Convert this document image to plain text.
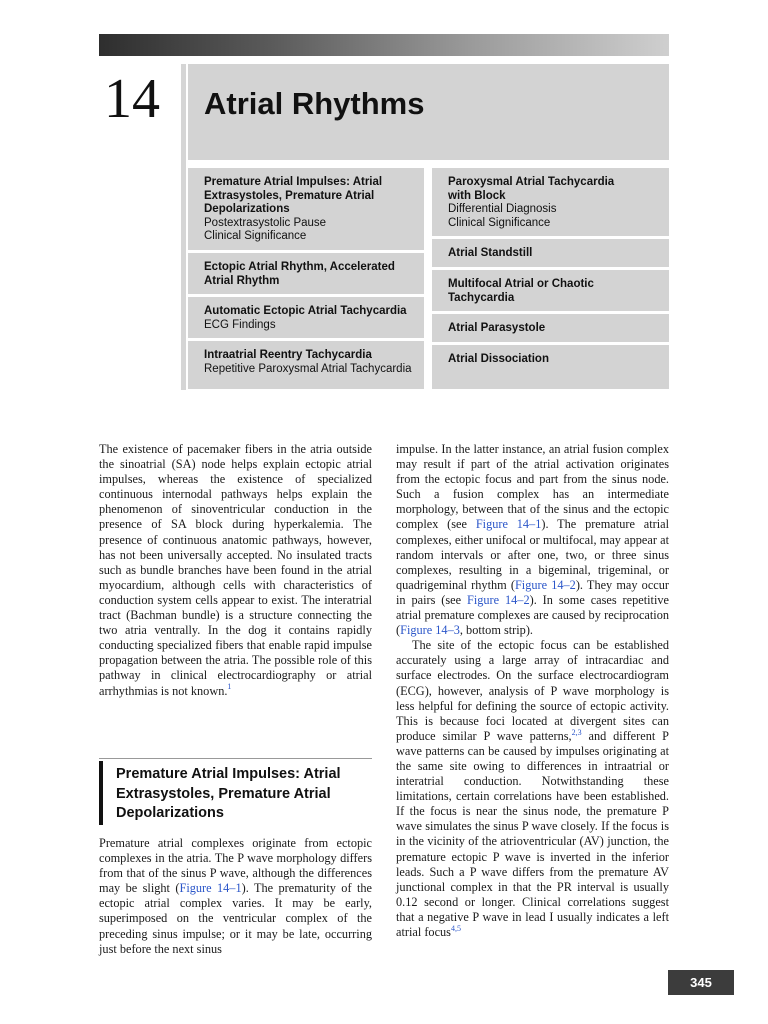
14	Atrial Rhythms
Premature Atrial Impulses: Atrial
Extrasystoles, Premature Atrial
Depolarizations
Postextrasystolic Pause
Clinical Significance
Ectopic Atrial Rhythm, Accelerated
Atrial Rhythm
Automatic Ectopic Atrial Tachycardia
ECG Findings
Intraatrial Reentry Tachycardia
Repetitive Paroxysmal Atrial Tachycardia
Paroxysmal Atrial Tachycardia
with Block
Differential Diagnosis
Clinical Significance
Atrial Standstill
Multifocal Atrial or Chaotic
Tachycardia
Atrial Parasystole
Atrial Dissociation

The existence of pacemaker fibers in the atria outside the sinoatrial (SA) node helps explain ectopic atrial impulses, whereas the existence of specialized continuous internodal pathways helps explain the phenomenon of sinoventricular conduction in the presence of SA block during hyperkalemia. The presence of continuous anatomic pathways, however, has not been universally accepted. No insulated tracts such as bundle branches have been found in the atrial myocardium, although cells with characteristics of conduction system cells appear to exist. The interatrial tract (Bachman bundle) is a structure connecting the two atria ventrally. In the dog it contains rapidly conducting specialized fibers that enable rapid impulse propagation between the atria. The possible role of this pathway in clinical electrocardiography or atrial arrhythmias is not known.$^1$

Premature Atrial Impulses: Atrial
Extrasystoles, Premature Atrial
Depolarizations

Premature atrial complexes originate from ectopic complexes in the atria. The P wave morphology differs from that of the sinus P wave, although the differences may be slight (Figure 14–1). The prematurity of the ectopic atrial complex varies. It may be early, superimposed on the ventricular complex of the preceding sinus impulse; or it may be late, occurring just before the next sinus

impulse. In the latter instance, an atrial fusion complex may result if part of the atrial activation originates from the ectopic focus and part from the sinus node. Such a fusion complex has an intermediate morphology, between that of the sinus and the ectopic complex (see Figure 14–1). The premature atrial complexes, either unifocal or multifocal, may appear at random intervals or after one, two, or three sinus complexes, resulting in a bigeminal, trigeminal, or quadrigeminal rhythm (Figure 14–2). They may occur in pairs (see Figure 14–2). In some cases repetitive atrial premature complexes are caused by reciprocation (Figure 14–3, bottom strip).

The site of the ectopic focus can be established accurately using a large array of intracardiac and surface electrodes. On the surface electrocardiogram (ECG), however, analysis of P wave morphology is less helpful for defining the source of ectopic activity. This is because foci located at divergent sites can produce similar P wave patterns,$^{2,3}$ and different P wave patterns can be caused by impulses originating at the same site owing to differences in intraatrial or interatrial conduction. Notwithstanding these limitations, certain correlations have been established. If the focus is near the sinus node, the premature P wave simulates the sinus P wave closely. If the focus is in the vicinity of the atrioventricular (AV) junction, the premature ectopic P wave is inverted in the inferior leads. Such a P wave differs from the premature AV junctional complex in that the PR interval is usually 0.12 second or longer. Clinical correlations suggest that a negative P wave in lead I usually indicates a left atrial focus$^{4,5}$

345
